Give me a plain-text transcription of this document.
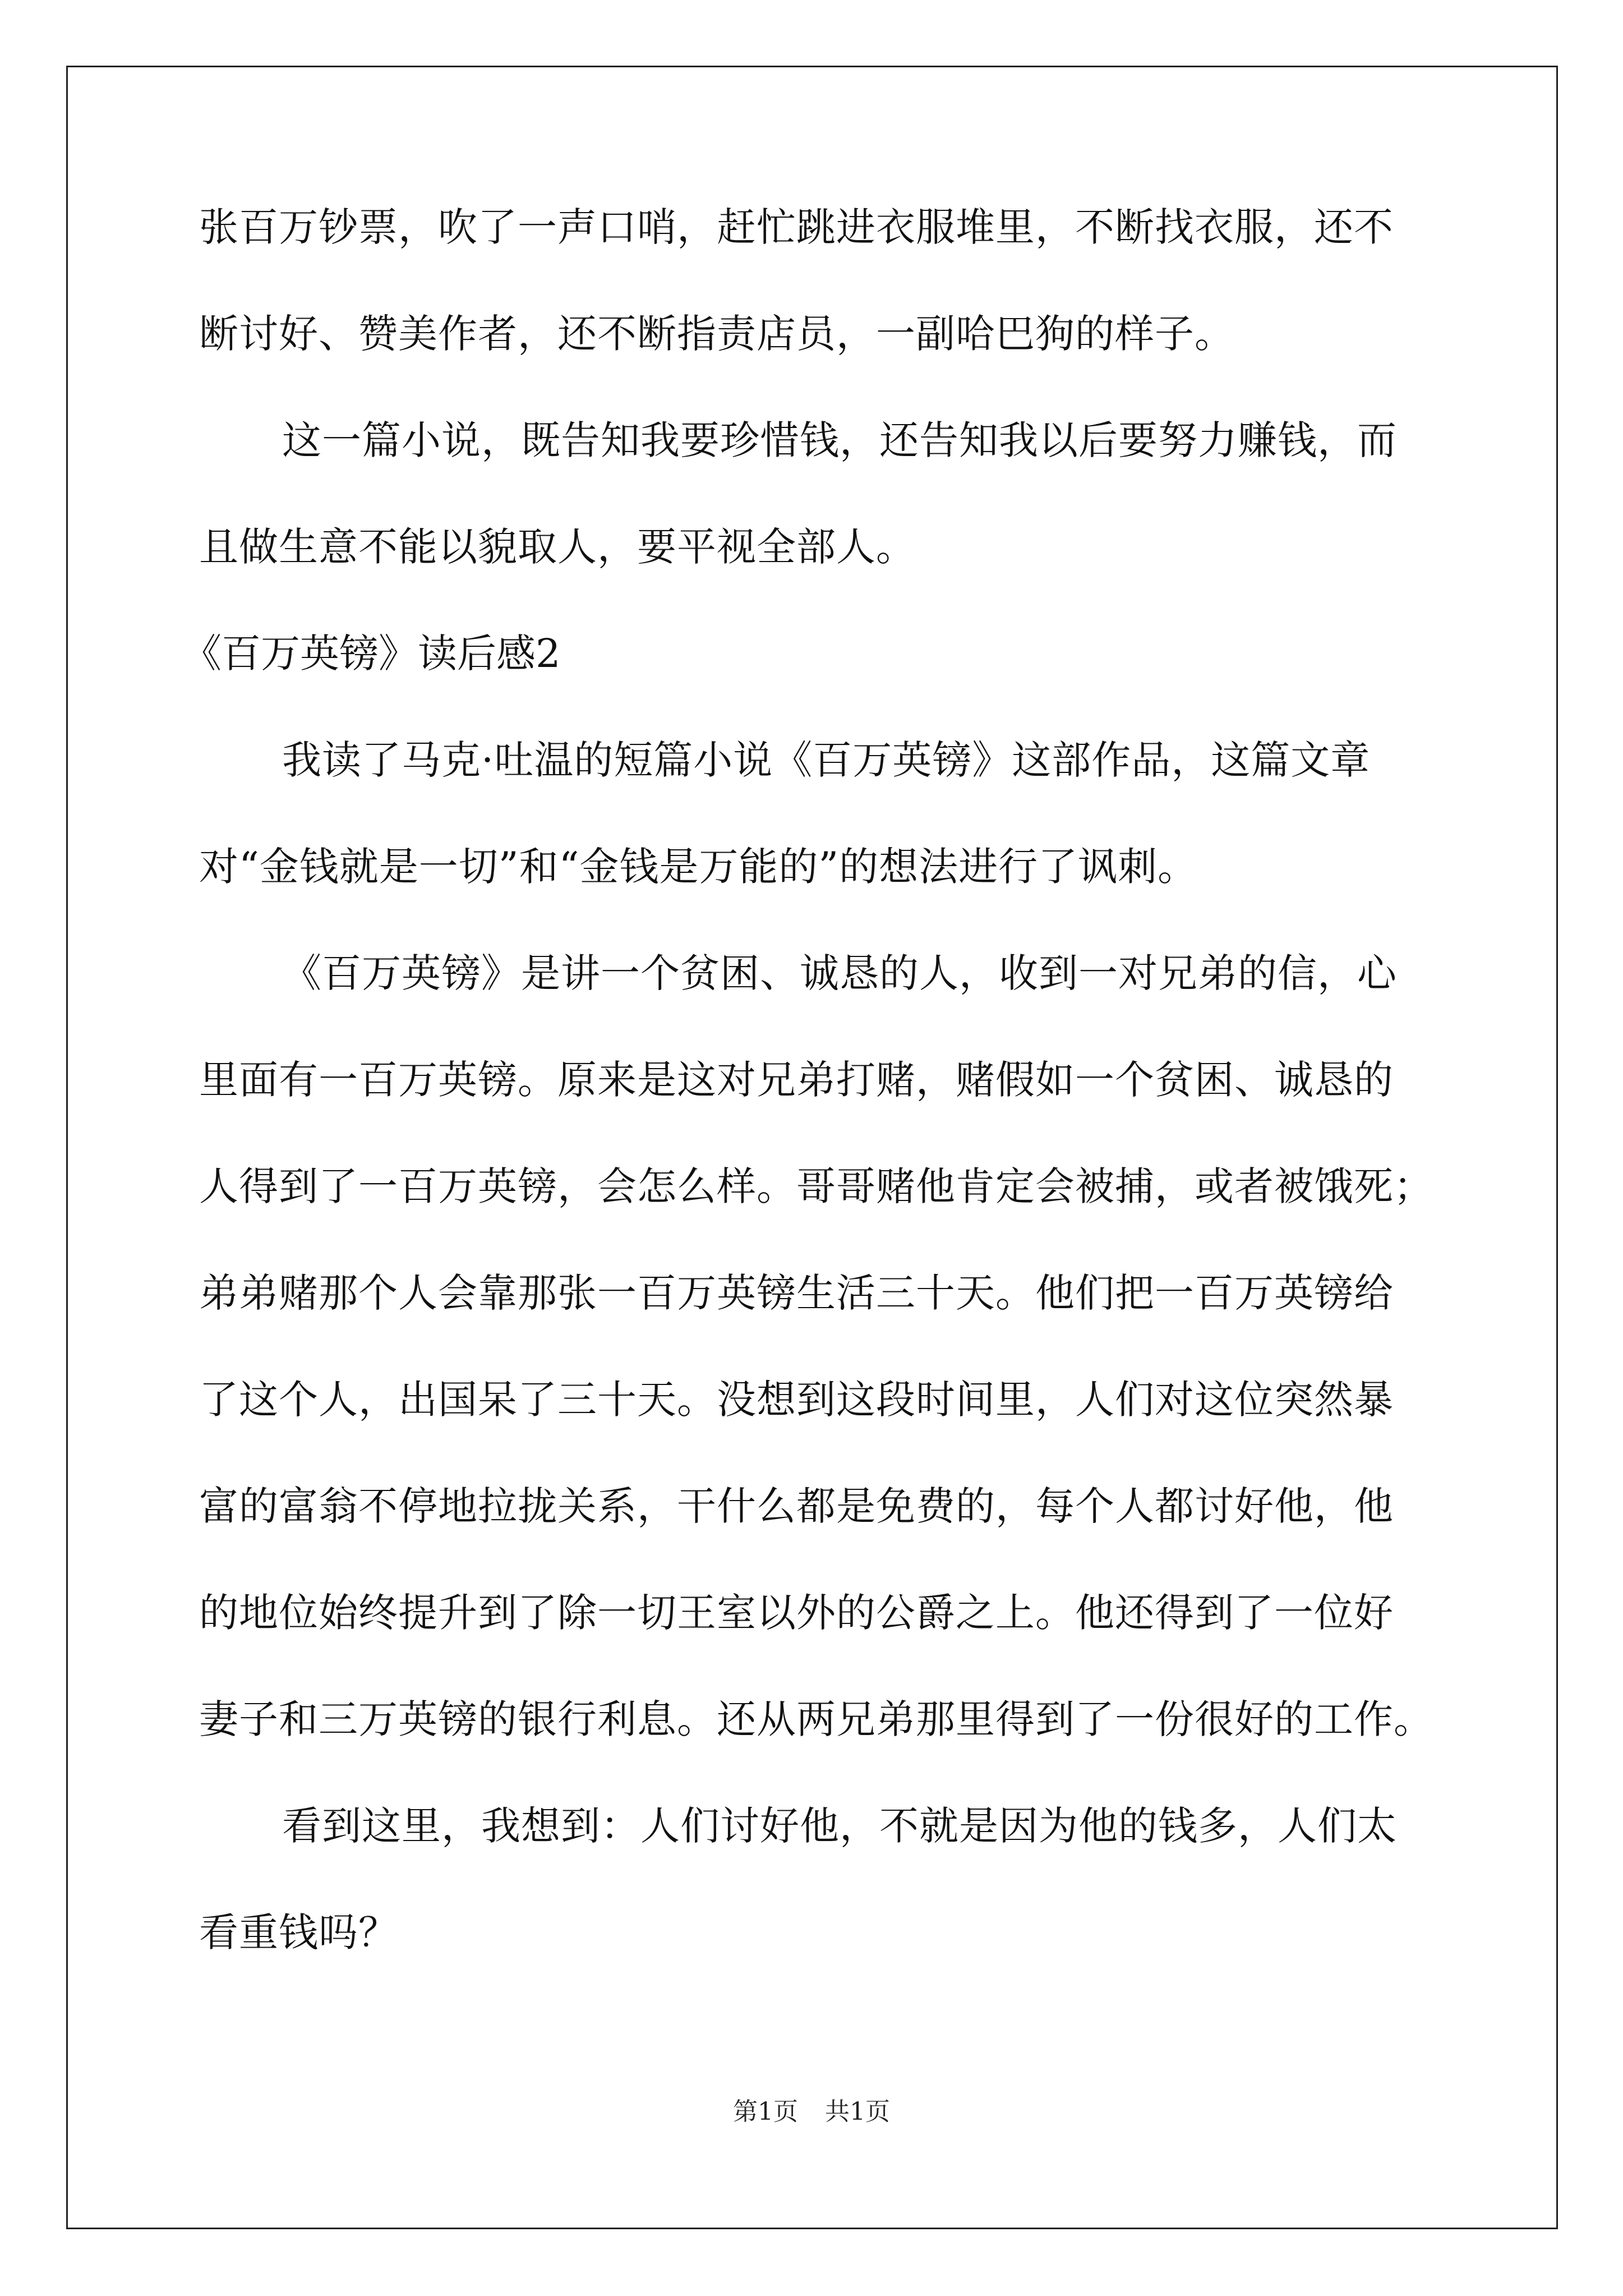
张百万钞票，吹了一声口哨，赶忙跳进衣服堆里，不断找衣服，还不
断讨好、赞美作者，还不断指责店员，一副哈巴狗的样子。
这一篇小说，既告知我要珍惜钱，还告知我以后要努力赚钱，而
且做生意不能以貌取人，要平视全部人。
《百万英镑》读后感2
我读了马克·吐温的短篇小说《百万英镑》这部作品，这篇文章
对“金钱就是一切”和“金钱是万能的”的想法进行了讽刺。
《百万英镑》是讲一个贫困、诚恳的人，收到一对兄弟的信，心
里面有一百万英镑。原来是这对兄弟打赌，赌假如一个贫困、诚恳的
人得到了一百万英镑，会怎么样。哥哥赌他肯定会被捕，或者被饿死；
弟弟赌那个人会靠那张一百万英镑生活三十天。他们把一百万英镑给
了这个人，出国呆了三十天。没想到这段时间里，人们对这位突然暴
富的富翁不停地拉拢关系，干什么都是免费的，每个人都讨好他，他
的地位始终提升到了除一切王室以外的公爵之上。他还得到了一位好
妻子和三万英镑的银行利息。还从两兄弟那里得到了一份很好的工作。
看到这里，我想到：人们讨好他，不就是因为他的钱多，人们太
看重钱吗？
第1页 共1页
